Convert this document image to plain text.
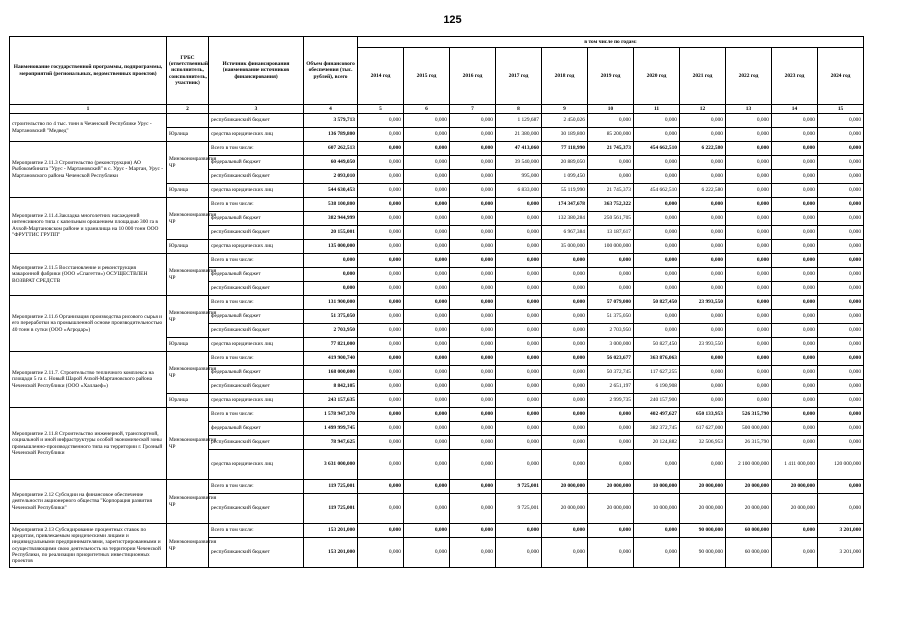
125
Наименование государственной программы, подпрограммы, мероприятий (региональных, ведомственных проектов)	ГРБС (ответственный исполнитель, соисполнитель, участник)	Источник финансирования (наименование источников финансирования)	Объем финансового обеспечения (тыс. рублей), всего	в том числе по годам:										
				2014 год	2015 год	2016 год	2017 год	2018 год	2019 год	2020 год	2021 год	2022 год	2023 год	2024 год
1	2	3	4	5	6	7	8	9	10	11	12	13	14	15
строительство по 4 тыс. тонн в Чеченской Республике Урус - Мартановский "Медвед"		республиканский бюджет	3 579,713	0,000	0,000	0,000	1 129,687	2 450,026	0,000	0,000	0,000	0,000	0,000	0,000
	Юрлица	средства юридических лиц	136 789,800	0,000	0,000	0,000	21 380,000	30 189,800	85 200,000	0,000	0,000	0,000	0,000	0,000
Мероприятие 2.11.3 Строительство (реконструкция) АО Рыбокомбината "Урус - Мартановский" в с. Урус - Мартан, Урус - Мартановского района Чеченской Республики	Минэкономразвития ЧР	Всего в том числе:	607 262,513	0,000	0,000	0,000	47 413,060	77 118,990	21 745,373	454 662,510	6 222,580	0,000	0,000	0,000
		федеральный бюджет	60 449,050	0,000	0,000	0,000	39 540,000	20 889,050	0,000	0,000	0,000	0,000	0,000	0,000
		республиканский бюджет	2 093,010	0,000	0,000	0,000	995,000	1 099,450	0,000	0,000	0,000	0,000	0,000	0,000
	Юрлица	средства юридических лиц	544 630,453	0,000	0,000	0,000	6 833,000	55 119,990	21 745,373	454 662,510	6 222,580	0,000	0,000	0,000
Мероприятие 2.11.4.Закладка многолетних насаждений интенсивного типа с капельным орошением площадью 300 га в Ачхой-Мартановском районе и хранилища на 10 000 тонн ООО "ФРУТТИС ГРУПП"	Минэкономразвития ЧР	Всего в том числе:	538 100,800	0,000	0,000	0,000	0,000	174 347,678	363 752,322	0,000	0,000	0,000	0,000	0,000
		федеральный бюджет	382 944,999	0,000	0,000	0,000	0,000	132 380,284	250 561,705	0,000	0,000	0,000	0,000	0,000
		республиканский бюджет	20 155,001	0,000	0,000	0,000	0,000	6 967,384	13 187,617	0,000	0,000	0,000	0,000	0,000
	Юрлица	средства юридических лиц	135 000,000	0,000	0,000	0,000	0,000	35 000,000	100 000,000	0,000	0,000	0,000	0,000	0,000
Мероприятие 2.11.5 Восстановление и реконструкция макаронной фабрики (ООО «Спагетти») ОСУЩЕСТВЛЕН ВОЗВРАТ СРЕДСТВ	Минэкономразвития ЧР	Всего в том числе:	0,000	0,000	0,000	0,000	0,000	0,000	0,000	0,000	0,000	0,000	0,000	0,000
		федеральный бюджет	0,000	0,000	0,000	0,000	0,000	0,000	0,000	0,000	0,000	0,000	0,000	0,000
		республиканский бюджет	0,000	0,000	0,000	0,000	0,000	0,000	0,000	0,000	0,000	0,000	0,000	0,000
Мероприятие 2.11.6 Организация производства рисового сырья и его переработки на промышленной основе производительностью 40 тонн в сутки (ООО «Агродар»)	Минэкономразвития ЧР	Всего в том числе:	131 900,000	0,000	0,000	0,000	0,000	0,000	57 079,000	50 827,450	23 993,550	0,000	0,000	0,000
		федеральный бюджет	51 375,050	0,000	0,000	0,000	0,000	0,000	51 375,050	0,000	0,000	0,000	0,000	0,000
		республиканский бюджет	2 703,950	0,000	0,000	0,000	0,000	0,000	2 703,950	0,000	0,000	0,000	0,000	0,000
	Юрлица	средства юридических лиц	77 821,000	0,000	0,000	0,000	0,000	0,000	3 000,000	50 827,450	23 993,550	0,000	0,000	0,000
Мероприятие 2.11.7. Строительство тепличного комплекса на площади 5 га с. Новый Шарой Ачхой-Мартановского района Чеченской Республики (ООО «Халлаеф»)	Минэкономразвития ЧР	Всего в том числе:	419 900,740	0,000	0,000	0,000	0,000	0,000	56 023,677	363 876,063	0,000	0,000	0,000	0,000
		федеральный бюджет	168 000,000	0,000	0,000	0,000	0,000	0,000	50 372,745	117 627,255	0,000	0,000	0,000	0,000
		республиканский бюджет	8 842,105	0,000	0,000	0,000	0,000	0,000	2 651,197	6 190,908	0,000	0,000	0,000	0,000
	Юрлица	средства юридических лиц	243 157,635	0,000	0,000	0,000	0,000	0,000	2 999,735	240 157,900	0,000	0,000	0,000	0,000
Мероприятие 2.11.8 Строительство инженерной, транспортной, социальной и иной инфраструктуры особой экономической зоны промышленно-производственного типа на территории г. Грозный Чеченской Республики	Минэкономразвития ЧР	Всего в том числе:	1 578 947,370	0,000	0,000	0,000	0,000	0,000	0,000	402 497,627	650 133,953	526 315,790	0,000	0,000
		федеральный бюджет	1 499 999,745	0,000	0,000	0,000	0,000	0,000	0,000	382 372,745	617 627,000	500 000,000	0,000	0,000
		республиканский бюджет	78 947,625	0,000	0,000	0,000	0,000	0,000	0,000	20 124,882	32 506,953	26 315,790	0,000	0,000
		средства юридических лиц	3 631 000,000	0,000	0,000	0,000	0,000	0,000	0,000	0,000	0,000	2 100 000,000	1 411 000,000	120 000,000
Мероприятие 2.12 Субсидии на финансовое обеспечение деятельности акционерного общества "Корпорация развития Чеченской Республики"	Минэкономразвития ЧР	Всего в том числе:	119 725,001	0,000	0,000	0,000	9 725,001	20 000,000	20 000,000	10 000,000	20 000,000	20 000,000	20 000,000	0,000
		республиканский бюджет	119 725,001	0,000	0,000	0,000	9 725,001	20 000,000	20 000,000	10 000,000	20 000,000	20 000,000	20 000,000	0,000
Мероприятия 2.13 Субсидирование процентных ставок по кредитам, привлекаемым юридическими лицами и индивидуальными предпринимателями, зарегистрированными и осуществляющими свою деятельность на территории Чеченской Республики, по реализации приоритетных инвестиционных проектов	Минэкономразвития ЧР	Всего в том числе:	153 201,000	0,000	0,000	0,000	0,000	0,000	0,000	0,000	90 000,000	60 000,000	0,000	3 201,000
		республиканский бюджет	153 201,000	0,000	0,000	0,000	0,000	0,000	0,000	0,000	90 000,000	60 000,000	0,000	3 201,000
